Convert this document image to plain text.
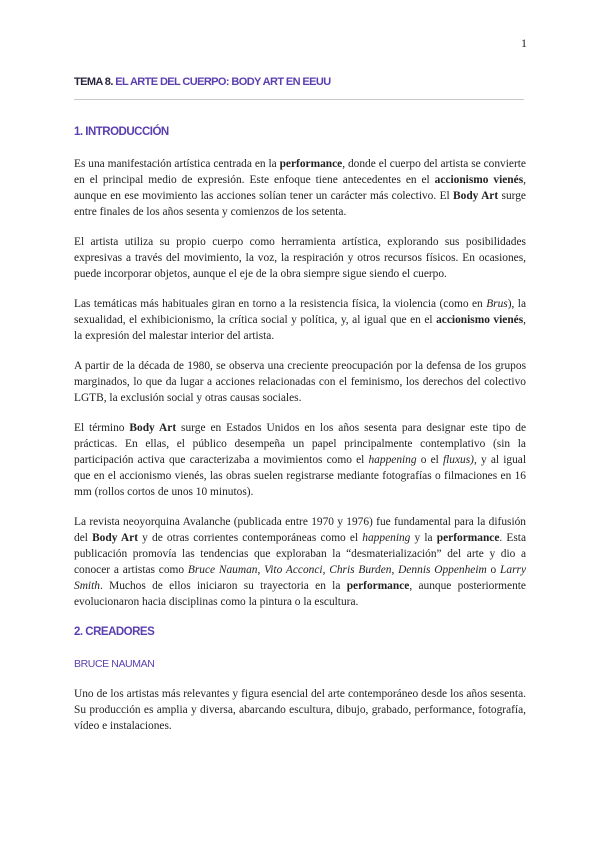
1
TEMA 8. EL ARTE DEL CUERPO: BODY ART EN EEUU
1. INTRODUCCIÓN

Es una manifestación artística centrada en la performance, donde el cuerpo del artista se convierte en el principal medio de expresión. Este enfoque tiene antecedentes en el accionismo vienés, aunque en ese movimiento las acciones solían tener un carácter más colectivo. El Body Art surge entre finales de los años sesenta y comienzos de los setenta.

El artista utiliza su propio cuerpo como herramienta artística, explorando sus posibilidades expresivas a través del movimiento, la voz, la respiración y otros recursos físicos. En ocasiones, puede incorporar objetos, aunque el eje de la obra siempre sigue siendo el cuerpo.

Las temáticas más habituales giran en torno a la resistencia física, la violencia (como en Brus), la sexualidad, el exhibicionismo, la crítica social y política, y, al igual que en el accionismo vienés, la expresión del malestar interior del artista.

A partir de la década de 1980, se observa una creciente preocupación por la defensa de los grupos marginados, lo que da lugar a acciones relacionadas con el feminismo, los derechos del colectivo LGTB, la exclusión social y otras causas sociales.

El término Body Art surge en Estados Unidos en los años sesenta para designar este tipo de prácticas. En ellas, el público desempeña un papel principalmente contemplativo (sin la participación activa que caracterizaba a movimientos como el happening o el fluxus), y al igual que en el accionismo vienés, las obras suelen registrarse mediante fotografías o filmaciones en 16 mm (rollos cortos de unos 10 minutos).

La revista neoyorquina Avalanche (publicada entre 1970 y 1976) fue fundamental para la difusión del Body Art y de otras corrientes contemporáneas como el happening y la performance. Esta publicación promovía las tendencias que exploraban la “desmaterialización” del arte y dio a conocer a artistas como Bruce Nauman, Vito Acconci, Chris Burden, Dennis Oppenheim o Larry Smith. Muchos de ellos iniciaron su trayectoria en la performance, aunque posteriormente evolucionaron hacia disciplinas como la pintura o la escultura.

2. CREADORES
BRUCE NAUMAN

Uno de los artistas más relevantes y figura esencial del arte contemporáneo desde los años sesenta. Su producción es amplia y diversa, abarcando escultura, dibujo, grabado, performance, fotografía, vídeo e instalaciones.
